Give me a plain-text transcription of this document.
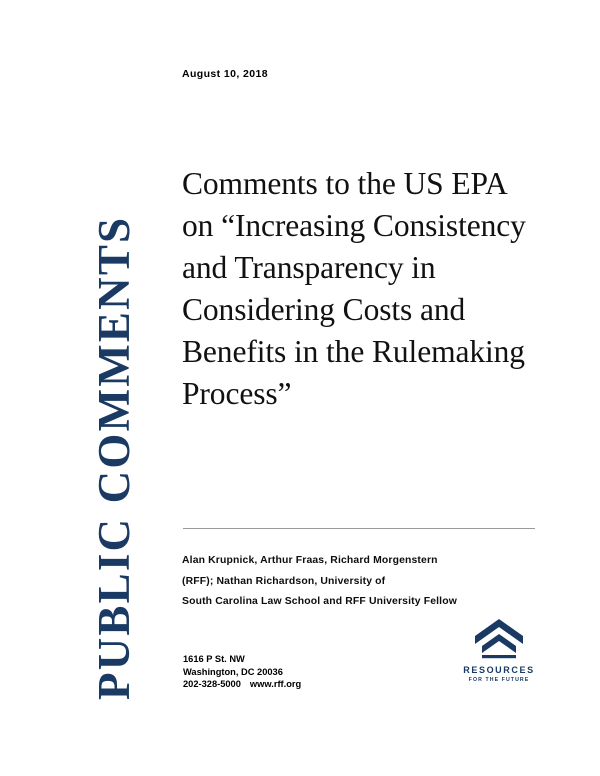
PUBLIC COMMENTS
August 10, 2018
Comments to the US EPA on “Increasing Consistency and Transparency in Considering Costs and Benefits in the Rulemaking Process”
Alan Krupnick, Arthur Fraas, Richard Morgenstern
(RFF); Nathan Richardson, University of
South Carolina Law School and RFF University Fellow
1616 P St. NW
Washington, DC 20036
202-328-5000 www.rff.org
RESOURCES
FOR THE FUTURE
